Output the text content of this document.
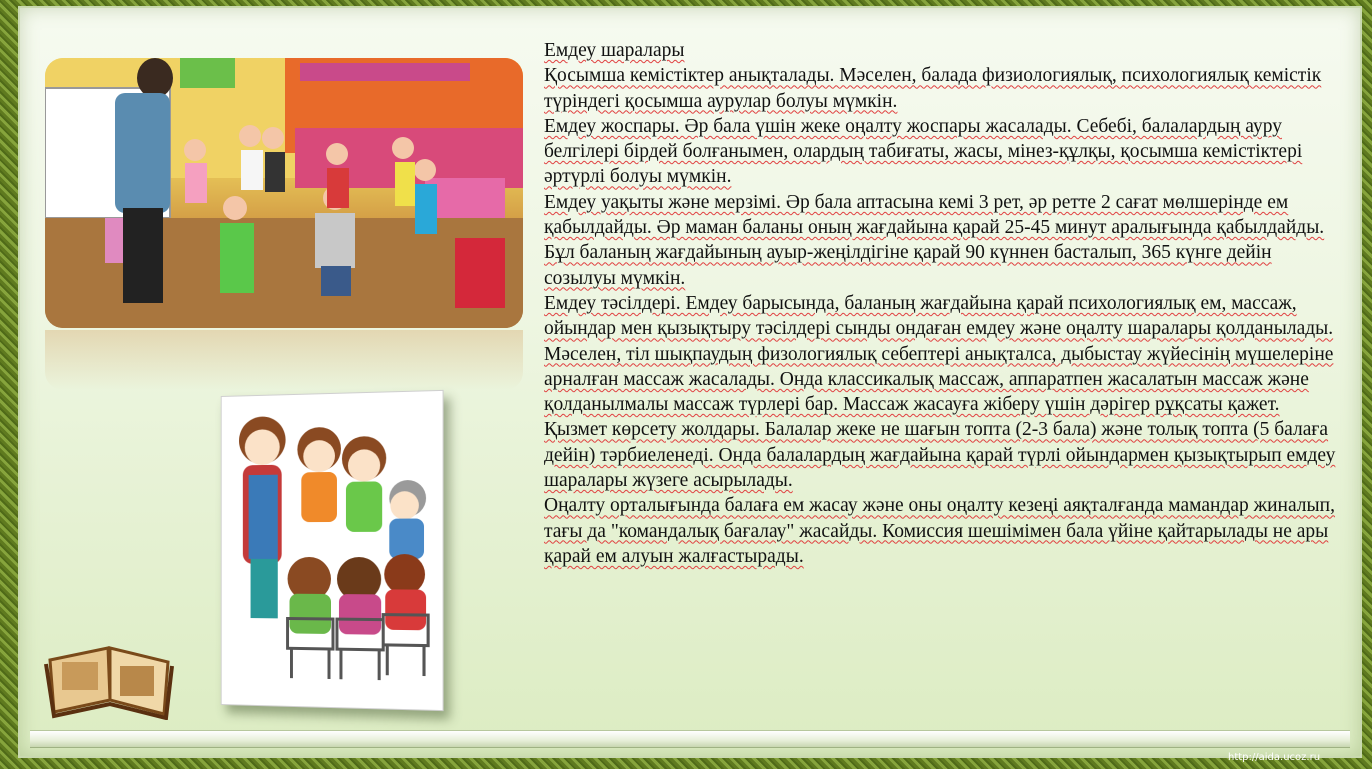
Емдеу шаралары

Қосымша кемістіктер анықталады. Мәселен, балада физиологиялық, психологиялық кемістік түріндегі қосымша аурулар болуы мүмкін.

Емдеу жоспары. Әр бала үшін жеке оңалту жоспары жасалады. Себебі, балалардың ауру белгілері бірдей болғанымен, олардың табиғаты, жасы, мінез-құлқы, қосымша кемістіктері әртүрлі болуы мүмкін.

Емдеу уақыты және мерзімі. Әр бала аптасына кемі 3 рет, әр ретте 2 сағат мөлшерінде ем қабылдайды. Әр маман баланы оның жағдайына қарай 25-45 минут аралығында қабылдайды. Бұл баланың жағдайының ауыр-жеңілдігіне қарай 90 күннен басталып, 365 күнге дейін созылуы мүмкін.

Емдеу тәсілдері. Емдеу барысында, баланың жағдайына қарай психологиялық ем, массаж, ойындар мен қызықтыру тәсілдері сынды ондаған емдеу және оңалту шаралары қолданылады. Мәселен, тіл шықпаудың физологиялық себептері анықталса, дыбыстау жүйесінің мүшелеріне арналған массаж жасалады. Онда классикалық массаж, аппаратпен жасалатын массаж және қолданылмалы массаж түрлері бар. Массаж жасауға жіберу үшін дәрігер рұқсаты қажет.

Қызмет көрсету жолдары. Балалар жеке не шағын топта (2-3 бала) және толық топта (5 балаға дейін) тәрбиеленеді. Онда балалардың жағдайына қарай түрлі ойындармен қызықтырып емдеу шаралары жүзеге асырылады.

Оңалту орталығында балаға ем жасау және оны оңалту кезеңі аяқталғанда мамандар жиналып, тағы да "командалық бағалау" жасайды. Комиссия шешімімен бала үйіне қайтарылады не ары қарай ем алуын жалғастырады.

http://aida.ucoz.ru
